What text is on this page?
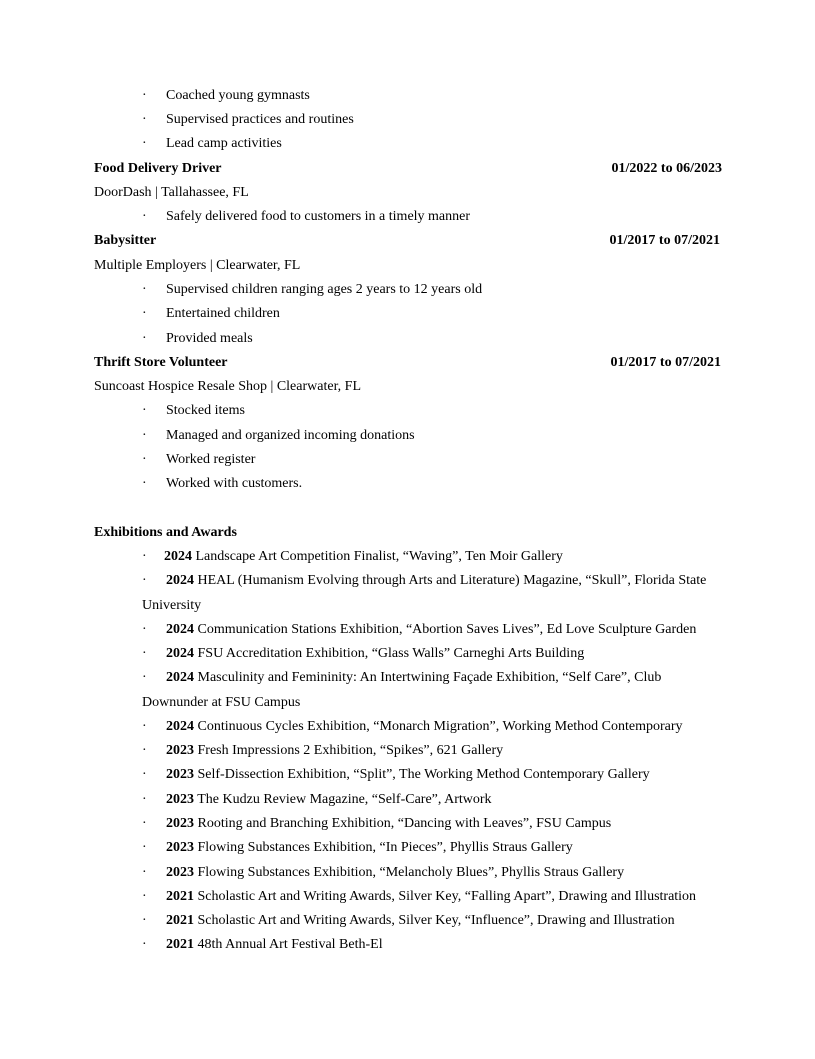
· Coached young gymnasts
· Supervised practices and routines
· Lead camp activities
Food Delivery Driver	01/2022 to 06/2023
DoorDash | Tallahassee, FL
· Safely delivered food to customers in a timely manner
Babysitter	01/2017 to 07/2021
Multiple Employers | Clearwater, FL
· Supervised children ranging ages 2 years to 12 years old
· Entertained children
· Provided meals
Thrift Store Volunteer	01/2017 to 07/2021
Suncoast Hospice Resale Shop | Clearwater, FL
· Stocked items
· Managed and organized incoming donations
· Worked register
· Worked with customers.
Exhibitions and Awards
· 2024 Landscape Art Competition Finalist, “Waving”, Ten Moir Gallery
· 2024 HEAL (Humanism Evolving through Arts and Literature) Magazine, “Skull”, Florida State
University
· 2024 Communication Stations Exhibition, “Abortion Saves Lives”, Ed Love Sculpture Garden
· 2024 FSU Accreditation Exhibition, “Glass Walls” Carneghi Arts Building
· 2024 Masculinity and Femininity: An Intertwining Façade Exhibition, “Self Care”, Club
Downunder at FSU Campus
· 2024 Continuous Cycles Exhibition, “Monarch Migration”, Working Method Contemporary
· 2023 Fresh Impressions 2 Exhibition, “Spikes”, 621 Gallery
· 2023 Self-Dissection Exhibition, “Split”, The Working Method Contemporary Gallery
· 2023 The Kudzu Review Magazine, “Self-Care”, Artwork
· 2023 Rooting and Branching Exhibition, “Dancing with Leaves”, FSU Campus
· 2023 Flowing Substances Exhibition, “In Pieces”, Phyllis Straus Gallery
· 2023 Flowing Substances Exhibition, “Melancholy Blues”, Phyllis Straus Gallery
· 2021 Scholastic Art and Writing Awards, Silver Key, “Falling Apart”, Drawing and Illustration
· 2021 Scholastic Art and Writing Awards, Silver Key, “Influence”, Drawing and Illustration
· 2021 48th Annual Art Festival Beth-El
